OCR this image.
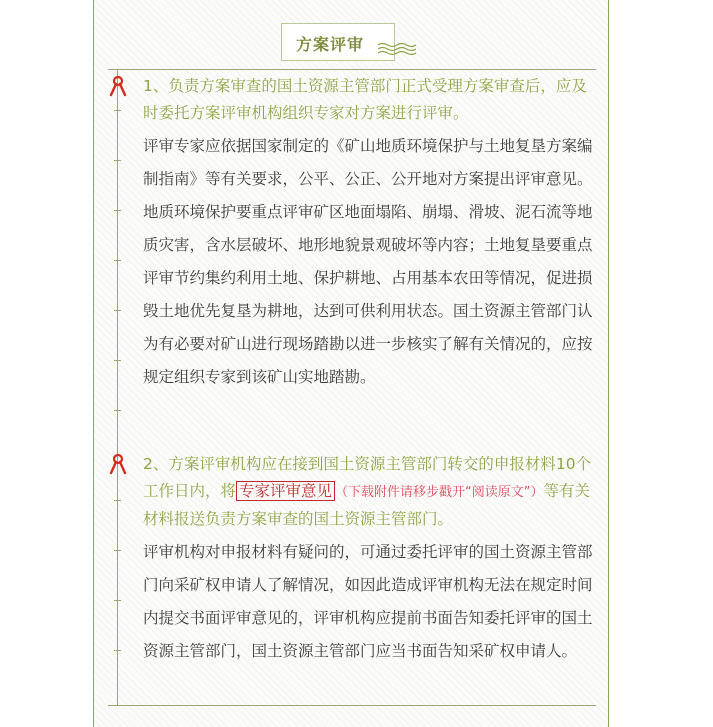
方案评审
1、负责方案审查的国土资源主管部门正式受理方案审查后，应及时委托方案评审机构组织专家对方案进行评审。
评审专家应依据国家制定的《矿山地质环境保护与土地复垦方案编制指南》等有关要求，公平、公正、公开地对方案提出评审意见。地质环境保护要重点评审矿区地面塌陷、崩塌、滑坡、泥石流等地质灾害，含水层破坏、地形地貌景观破坏等内容；土地复垦要重点评审节约集约利用土地、保护耕地、占用基本农田等情况，促进损毁土地优先复垦为耕地，达到可供利用状态。国土资源主管部门认为有必要对矿山进行现场踏勘以进一步核实了解有关情况的，应按规定组织专家到该矿山实地踏勘。
2、方案评审机构应在接到国土资源主管部门转交的申报材料10个工作日内，将 专家评审意见 （下载附件请移步戳开“阅读原文”）等有关材料报送负责方案审查的国土资源主管部门。
评审机构对申报材料有疑问的，可通过委托评审的国土资源主管部门向采矿权申请人了解情况，如因此造成评审机构无法在规定时间内提交书面评审意见的，评审机构应提前书面告知委托评审的国土资源主管部门，国土资源主管部门应当书面告知采矿权申请人。
